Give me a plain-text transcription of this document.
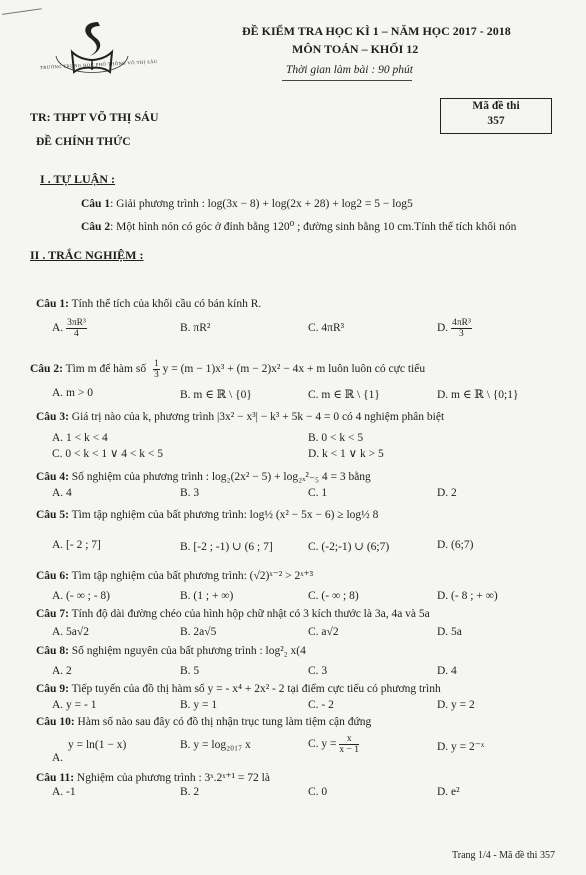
TRƯỜNG TRUNG HỌC PHỔ THÔNG VÕ THỊ SÁU
ĐỀ KIỂM TRA HỌC KÌ 1 – NĂM HỌC 2017 - 2018
MÔN TOÁN – KHỐI 12
Thời gian làm bài : 90 phút
TR: THPT VÕ THỊ SÁU
ĐỀ CHÍNH THỨC
Mã đề thi
357
I . TỰ LUẬN :
Câu 1: Giải phương trình : log(3x − 8) + log(2x + 28) + log2 = 5 − log5
Câu 2: Một hình nón có góc ở đỉnh bằng 120⁰ ; đường sinh bằng 10 cm.Tính thể tích khối nón
II . TRẮC NGHIỆM :
Câu 1: Tính thể tích của khối cầu có bán kính R.
A. $\frac{\text{3πR³}}{4}$	B. πR²	C. 4πR³	D. $\frac{\text{4πR³}}{3}$
Câu 2: Tìm m để hàm số $\frac{1}{3}$ y = (m − 1)x³ + (m − 2)x² − 4x + m luôn luôn có cực tiểu
A. m > 0	B. m ∈ ℝ \ {0}	C. m ∈ ℝ \ {1}	D. m ∈ ℝ \ {0;1}
Câu 3: Giá trị nào của k, phương trình |3x² − x³| − k³ + 5k − 4 = 0 có 4 nghiệm phân biệt
A. 1 < k < 4	B. 0 < k < 5
C. 0 < k < 1 ∨ 4 < k < 5	D. k < 1 ∨ k > 5
Câu 4: Số nghiệm của phương trình : log₂(2x² − 5) + log₂ₓ²₋₅ 4 = 3 bằng
A. 4	B. 3	C. 1	D. 2
Câu 5: Tìm tập nghiệm của bất phương trình: log½ (x² − 5x − 6) ≥ log½ 8
A. [- 2 ; 7]	B. [-2 ; -1) ∪ (6 ; 7]	C. (-2;-1) ∪ (6;7)	D. (6;7)
Câu 6: Tìm tập nghiệm của bất phương trình: (√2)ˣ⁻² > 2ˣ⁺³
A. (- ∞ ; - 8)	B. (1 ; + ∞)	C. (- ∞ ; 8)	D. (- 8 ; + ∞)
Câu 7: Tính độ dài đường chéo của hình hộp chữ nhật có 3 kích thước là 3a, 4a và 5a
A. 5a√2	B. 2a√5	C. a√2	D. 5a
Câu 8: Số nghiệm nguyên của bất phương trình : log²₂ x(4
A. 2	B. 5	C. 3	D. 4
Câu 9: Tiếp tuyến của đồ thị hàm số y = - x⁴ + 2x² - 2 tại điểm cực tiểu có phương trình
A. y = - 1	B. y = 1	C. - 2	D. y = 2
Câu 10: Hàm số nào sau đây có đồ thị nhận trục tung làm tiệm cận đứng
A.
y = ln(1 − x)	B. y = log₂₀₁₇ x	C. $y = \frac{x}{x - 1}$	D. y = 2⁻ˣ
Câu 11: Nghiệm của phương trình : 3ˣ.2ˣ⁺¹ = 72 là
A. -1	B. 2	C. 0	D. e²
Trang 1/4 - Mã đề thi 357
